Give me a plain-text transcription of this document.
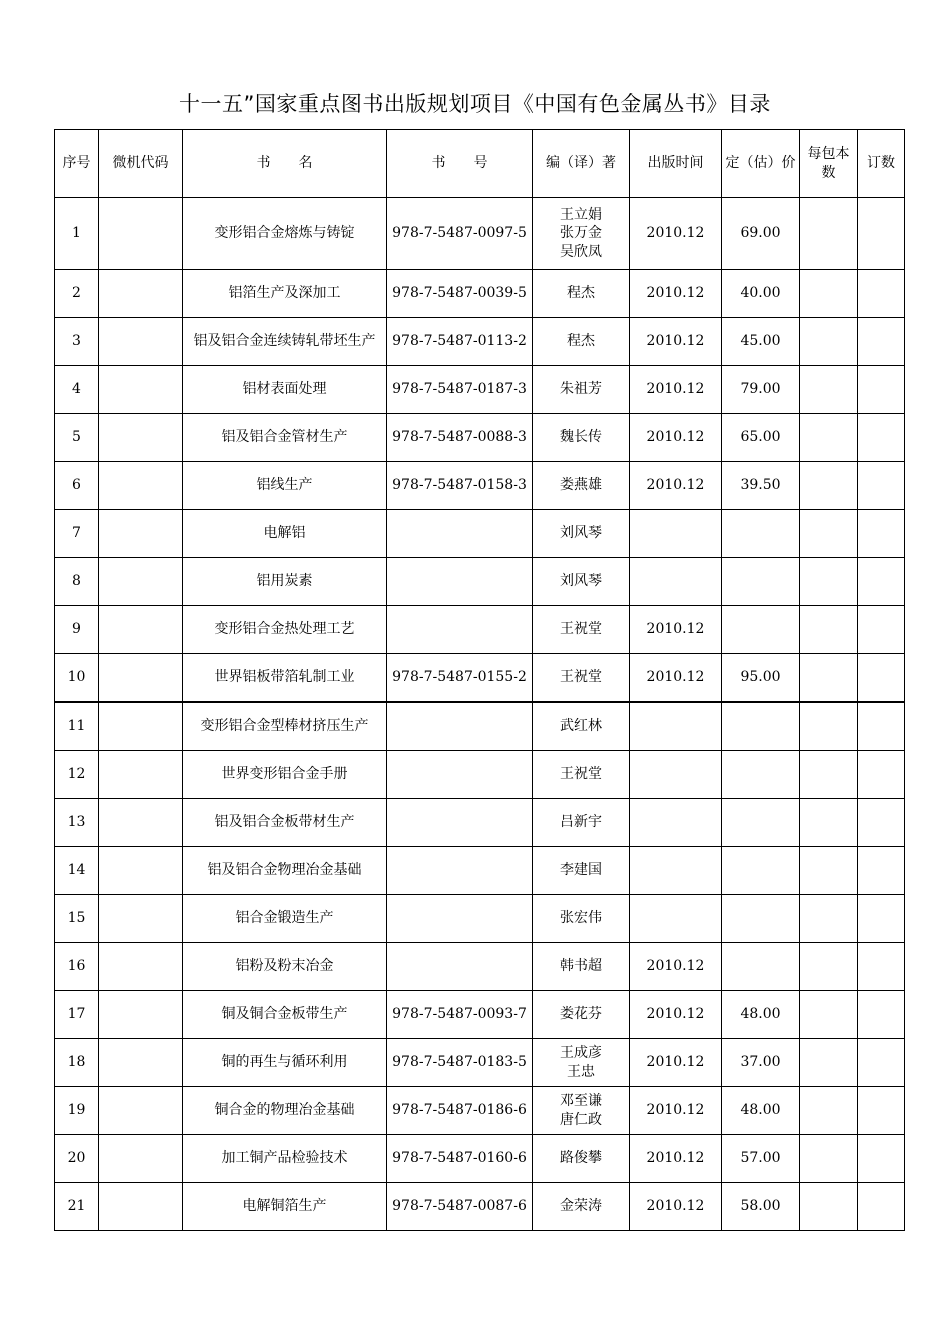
十一五”国家重点图书出版规划项目《中国有色金属丛书》目录
序号	微机代码	书　　名	书　　号	编（译）著	出版时间	定（估）价	每包本数	订数
1		变形铝合金熔炼与铸锭	978-7-5487-0097-5	王立娟
张万金
吴欣凤	2010.12	69.00		
2		铝箔生产及深加工	978-7-5487-0039-5	程杰	2010.12	40.00		
3		铝及铝合金连续铸轧带坯生产	978-7-5487-0113-2	程杰	2010.12	45.00		
4		铝材表面处理	978-7-5487-0187-3	朱祖芳	2010.12	79.00		
5		铝及铝合金管材生产	978-7-5487-0088-3	魏长传	2010.12	65.00		
6		铝线生产	978-7-5487-0158-3	娄燕雄	2010.12	39.50		
7		电解铝		刘风琴				
8		铝用炭素		刘风琴				
9		变形铝合金热处理工艺		王祝堂	2010.12			
10		世界铝板带箔轧制工业	978-7-5487-0155-2	王祝堂	2010.12	95.00		
11		变形铝合金型棒材挤压生产		武红林				
12		世界变形铝合金手册		王祝堂				
13		铝及铝合金板带材生产		吕新宇				
14		铝及铝合金物理冶金基础		李建国				
15		铝合金锻造生产		张宏伟				
16		铝粉及粉末冶金		韩书超	2010.12			
17		铜及铜合金板带生产	978-7-5487-0093-7	娄花芬	2010.12	48.00		
18		铜的再生与循环利用	978-7-5487-0183-5	王成彦
王忠	2010.12	37.00		
19		铜合金的物理冶金基础	978-7-5487-0186-6	邓至谦
唐仁政	2010.12	48.00		
20		加工铜产品检验技术	978-7-5487-0160-6	路俊攀	2010.12	57.00		
21		电解铜箔生产	978-7-5487-0087-6	金荣涛	2010.12	58.00		
